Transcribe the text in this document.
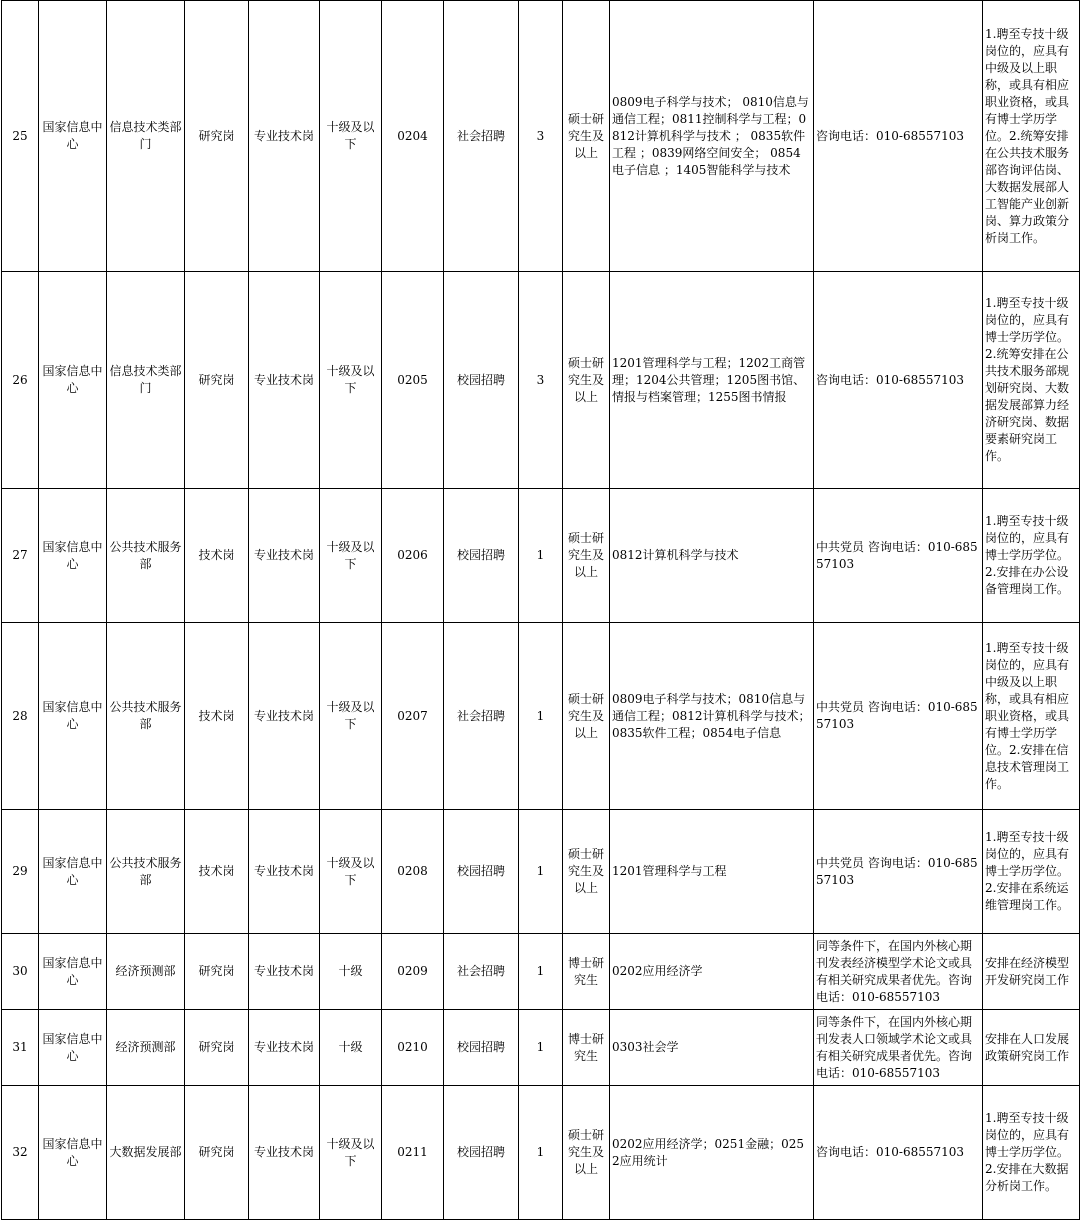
25	国家信息中心	信息技术类部门	研究岗	专业技术岗	十级及以下	0204	社会招聘	3	硕士研究生及以上	0809电子科学与技术； 0810信息与通信工程；0811控制科学与工程；0812计算机科学与技术 ； 0835软件工程 ；0839网络空间安全； 0854电子信息 ；1405智能科学与技术	咨询电话：010-68557103	1.聘至专技十级岗位的，应具有中级及以上职称，或具有相应职业资格，或具有博士学历学位。2.统筹安排在公共技术服务部咨询评估岗、大数据发展部人工智能产业创新岗、算力政策分析岗工作。
26	国家信息中心	信息技术类部门	研究岗	专业技术岗	十级及以下	0205	校园招聘	3	硕士研究生及以上	1201管理科学与工程；1202工商管理；1204公共管理；1205图书馆、情报与档案管理；1255图书情报	咨询电话：010-68557103	1.聘至专技十级岗位的，应具有博士学历学位。2.统筹安排在公共技术服务部规划研究岗、大数据发展部算力经济研究岗、数据要素研究岗工作。
27	国家信息中心	公共技术服务部	技术岗	专业技术岗	十级及以下	0206	校园招聘	1	硕士研究生及以上	0812计算机科学与技术	中共党员 咨询电话：010-68557103	1.聘至专技十级岗位的，应具有博士学历学位。2.安排在办公设备管理岗工作。
28	国家信息中心	公共技术服务部	技术岗	专业技术岗	十级及以下	0207	社会招聘	1	硕士研究生及以上	0809电子科学与技术；0810信息与通信工程；0812计算机科学与技术；0835软件工程；0854电子信息	中共党员 咨询电话：010-68557103	1.聘至专技十级岗位的，应具有中级及以上职称，或具有相应职业资格，或具有博士学历学位。2.安排在信息技术管理岗工作。
29	国家信息中心	公共技术服务部	技术岗	专业技术岗	十级及以下	0208	校园招聘	1	硕士研究生及以上	1201管理科学与工程	中共党员 咨询电话：010-68557103	1.聘至专技十级岗位的，应具有博士学历学位。2.安排在系统运维管理岗工作。
30	国家信息中心	经济预测部	研究岗	专业技术岗	十级	0209	社会招聘	1	博士研究生	0202应用经济学	同等条件下，在国内外核心期刊发表经济模型学术论文或具有相关研究成果者优先。咨询电话：010-68557103	安排在经济模型开发研究岗工作
31	国家信息中心	经济预测部	研究岗	专业技术岗	十级	0210	校园招聘	1	博士研究生	0303社会学	同等条件下，在国内外核心期刊发表人口领域学术论文或具有相关研究成果者优先。咨询电话：010-68557103	安排在人口发展政策研究岗工作
32	国家信息中心	大数据发展部	研究岗	专业技术岗	十级及以下	0211	校园招聘	1	硕士研究生及以上	0202应用经济学；0251金融；0252应用统计	咨询电话：010-68557103	1.聘至专技十级岗位的，应具有博士学历学位。2.安排在大数据分析岗工作。
